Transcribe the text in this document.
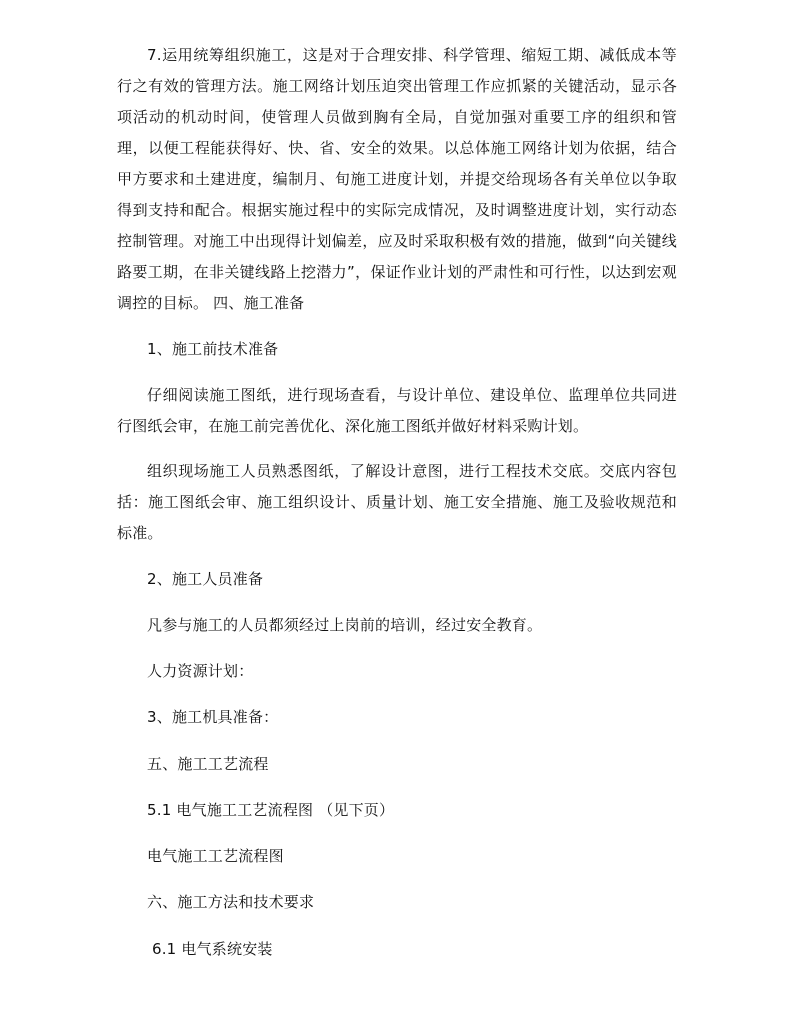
7.运用统筹组织施工，这是对于合理安排、科学管理、缩短工期、减低成本等行之有效的管理方法。施工网络计划压迫突出管理工作应抓紧的关键活动，显示各项活动的机动时间，使管理人员做到胸有全局，自觉加强对重要工序的组织和管理，以便工程能获得好、快、省、安全的效果。以总体施工网络计划为依据，结合甲方要求和土建进度，编制月、旬施工进度计划，并提交给现场各有关单位以争取得到支持和配合。根据实施过程中的实际完成情况，及时调整进度计划，实行动态控制管理。对施工中出现得计划偏差，应及时采取积极有效的措施，做到“向关键线路要工期，在非关键线路上挖潜力”，保证作业计划的严肃性和可行性，以达到宏观调控的目标。 四、施工准备

1、施工前技术准备

仔细阅读施工图纸，进行现场查看，与设计单位、建设单位、监理单位共同进行图纸会审，在施工前完善优化、深化施工图纸并做好材料采购计划。

组织现场施工人员熟悉图纸，了解设计意图，进行工程技术交底。交底内容包括：施工图纸会审、施工组织设计、质量计划、施工安全措施、施工及验收规范和标准。

2、施工人员准备

凡参与施工的人员都须经过上岗前的培训，经过安全教育。

人力资源计划：

3、施工机具准备：

五、施工工艺流程

5.1 电气施工工艺流程图 （见下页）

电气施工工艺流程图

六、施工方法和技术要求

6.1 电气系统安装
